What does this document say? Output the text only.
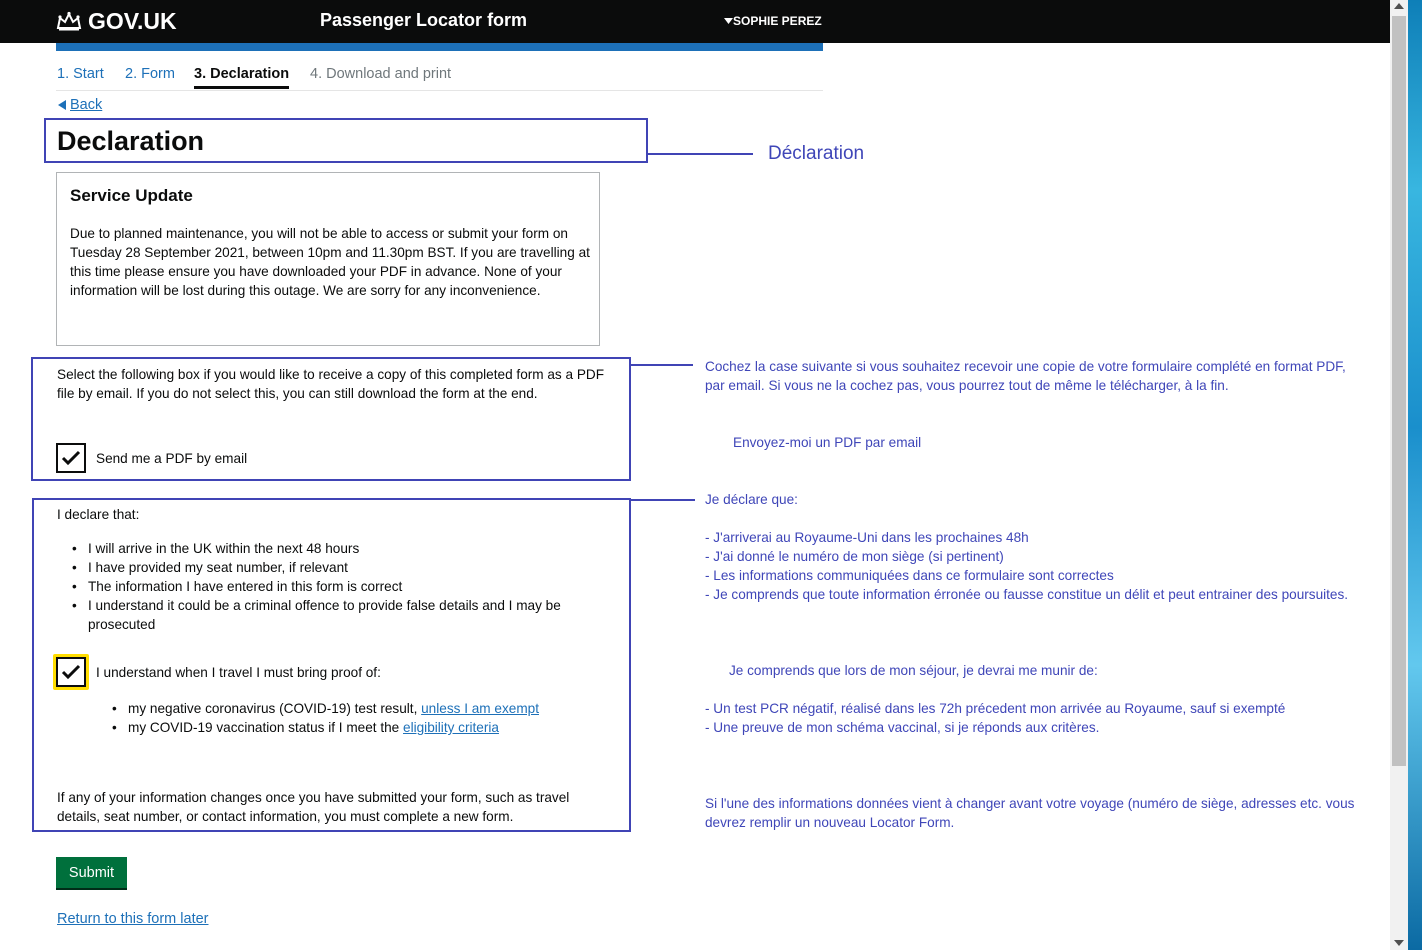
GOV.UK	Passenger Locator form	SOPHIE PEREZ
1. Start 2. Form 3. Declaration 4. Download and print
Back
Declaration
Service Update
Due to planned maintenance, you will not be able to access or submit your form on Tuesday 28 September 2021, between 10pm and 11.30pm BST. If you are travelling at this time please ensure you have downloaded your PDF in advance. None of your information will be lost during this outage. We are sorry for any inconvenience.
Select the following box if you would like to receive a copy of this completed form as a PDF file by email. If you do not select this, you can still download the form at the end.
Send me a PDF by email
I declare that:
• I will arrive in the UK within the next 48 hours
• I have provided my seat number, if relevant
• The information I have entered in this form is correct
• I understand it could be a criminal offence to provide false details and I may be prosecuted
I understand when I travel I must bring proof of:
• my negative coronavirus (COVID-19) test result, unless I am exempt
• my COVID-19 vaccination status if I meet the eligibility criteria
If any of your information changes once you have submitted your form, such as travel details, seat number, or contact information, you must complete a new form.
Submit
Return to this form later
Déclaration
Cochez la case suivante si vous souhaitez recevoir une copie de votre formulaire complété en format PDF, par email. Si vous ne la cochez pas, vous pourrez tout de même le télécharger, à la fin.
Envoyez-moi un PDF par email
Je déclare que:

- J'arriverai au Royaume-Uni dans les prochaines 48h
- J'ai donné le numéro de mon siège (si pertinent)
- Les informations communiquées dans ce formulaire sont correctes
- Je comprends que toute information érronée ou fausse constitue un délit et peut entrainer des poursuites.
Je comprends que lors de mon séjour, je devrai me munir de:
- Un test PCR négatif, réalisé dans les 72h précedent mon arrivée au Royaume, sauf si exempté
- Une preuve de mon schéma vaccinal, si je réponds aux critères.
Si l'une des informations données vient à changer avant votre voyage (numéro de siège, adresses etc. vous devrez remplir un nouveau Locator Form.
